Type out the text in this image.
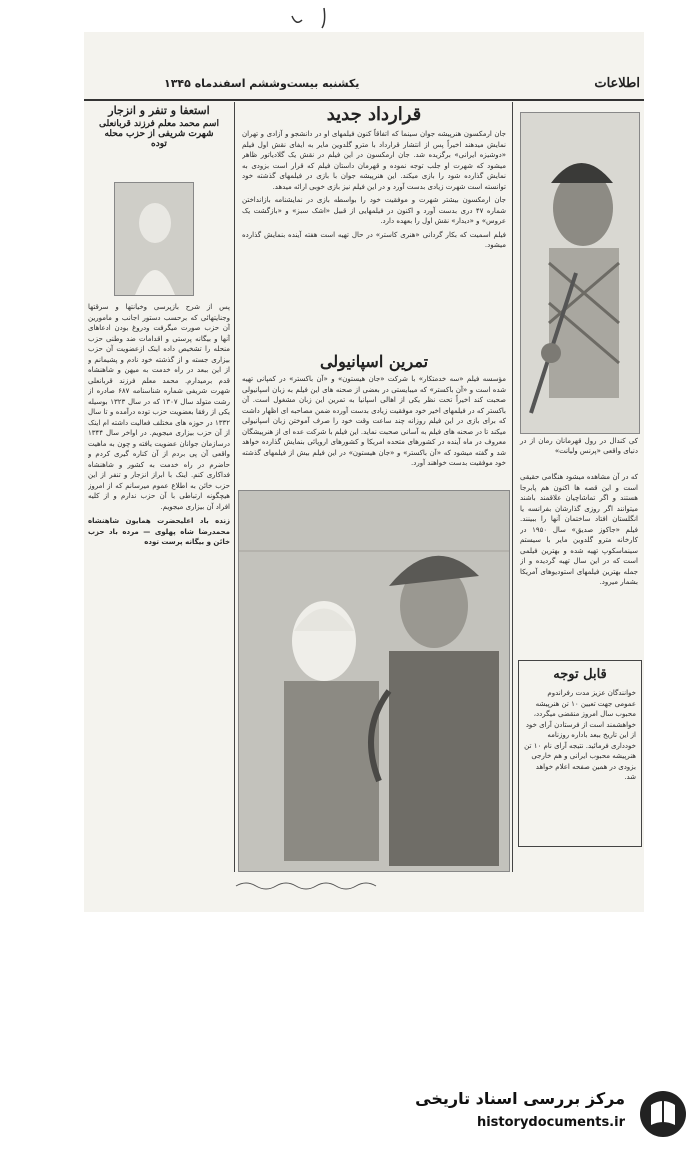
اطلاعات
یکشنبه بیست‌وششم اسفندماه ۱۳۴۵

کی کندال در رول قهرمانان رمان از در دنیای واقعی «پرنس ولیانت»

که در آن مشاهده میشود هنگامی حقیقی است و این قصه ها اکنون هم پابرجا هستند و اگر تماشاچیان علاقمند باشند میتوانند اگر روزی گذارشان بفرانسه یا انگلستان افتاد ساختمان آنها را ببینند. فیلم «جاکوز صدیق» سال ۱۹۵۰ در کارخانه مترو گلدوین مایر با سیستم سینماسکوپ تهیه شده و بهترین فیلمی است که در این سال تهیه گردیده و از جمله بهترین فیلمهای استودیوهای آمریکا بشمار میرود.

قابل توجه

خوانندگان عزیز مدت رفراندوم عمومی جهت تعیین ۱۰ تن هنرپیشه محبوب سال امروز منقضی میگردد، خواهشمند است از فرستادن آرای خود از این تاریخ ببعد باداره روزنامه خودداری فرمائید. نتیجه آرای نام ۱۰ تن هنرپیشه محبوب ایرانی و هم خارجی بزودی در همین صفحه اعلام خواهد شد.

قرارداد جدید

جان ارمکسون هنرپیشه جوان سینما که اتفاقاً کنون فیلمهای او در دانشجو و آزادی و تهران نمایش میدهند اخیراً پس از انتشار قرارداد با مترو گلدوین مایر به ایفای نقش اول فیلم «دوشیزه ایرانی» برگزیده شد. جان ارمکسون در این فیلم در نقش یک گلادیاتور ظاهر میشود که شهرت او جلب توجه نموده و قهرمان داستان فیلم که قرار است بزودی به نمایش گذارده شود را بازی میکند. این هنرپیشه جوان با بازی در فیلمهای گذشته خود توانسته است شهرت زیادی بدست آورد و در این فیلم نیز بازی خوبی ارائه میدهد.

جان ارمکسون بیشتر شهرت و موفقیت خود را بواسطه بازی در نمایشنامه بازانداختن شماره ۴۷ دری بدست آورد و اکنون در فیلمهایی از قبیل «اشک سبز» و «بازگشت یک عروس» و «دیدار» نقش اول را بعهده دارد.

فیلم اسمیت که بکار گردانی «هنری کاستر» در حال تهیه است هفته آینده بنمایش گذارده میشود.

تمرین اسپانیولی

مؤسسه فیلم «سه خدمتکار» با شرکت «جان هیستون» و «آن باکستر» در کمپانی تهیه شده است و «آن باکستر» که میبایستی در بعضی از صحنه های این فیلم به زبان اسپانیولی صحبت کند اخیراً تحت نظر یکی از اهالی اسپانیا به تمرین این زبان مشغول است. آن باکستر که در فیلمهای اخیر خود موفقیت زیادی بدست آورده ضمن مصاحبه ای اظهار داشت که برای بازی در این فیلم روزانه چند ساعت وقت خود را صرف آموختن زبان اسپانیولی میکند تا در صحنه های فیلم به آسانی صحبت نماید. این فیلم با شرکت عده ای از هنرپیشگان معروف در ماه آینده در کشورهای متحده امریکا و کشورهای اروپائی بنمایش گذارده خواهد شد و گفته میشود که «آن باکستر» و «جان هیستون» در این فیلم بیش از فیلمهای گذشته خود موفقیت بدست خواهند آورد.

استعفا و تنفر و انزجار

اسم محمد معلم فرزند قربانعلی

شهرت شریفی از حزب محله

توده

پس از شرح بازپرسی وخیانتها و سرقتها وجنایتهائی که برحسب دستور اجانب و مامورین آن حزب صورت میگرفت ودروغ بودن ادعاهای آنها و بیگانه پرستی و اقدامات ضد وطنی حزب منحله را تشخیص داده اینک ازعضویت آن حزب بیزاری جسته و از گذشته خود نادم و پشیمانم و از این ببعد در راه خدمت به میهن و شاهنشاه قدم برمیدارم. محمد معلم فرزند قربانعلی شهرت شریفی شماره شناسنامه ۶۸۷ صادره از رشت متولد سال ۱۳۰۷ که در سال ۱۳۲۳ بوسیله یکی از رفقا بعضویت حزب توده درآمده و تا سال ۱۳۳۲ در حوزه های مختلف فعالیت داشته ام اینک از آن حزب بیزاری میجویم. در اواخر سال ۱۳۴۴ درسازمان جوانان عضویت یافته و چون به ماهیت واقعی آن پی بردم از آن کناره گیری کردم و حاضرم در راه خدمت به کشور و شاهنشاه فداکاری کنم. اینک با ابراز انزجار و تنفر از این حزب خائن به اطلاع عموم میرسانم که از امروز هیچگونه ارتباطی با آن حزب ندارم و از کلیه افراد آن بیزاری میجویم.

زنده باد اعلیحضرت همایون شاهنشاه محمدرضا شاه پهلوی — مرده باد حزب خائن و بیگانه پرست توده

مرکز بررسی اسناد تاریخی
historydocuments.ir
